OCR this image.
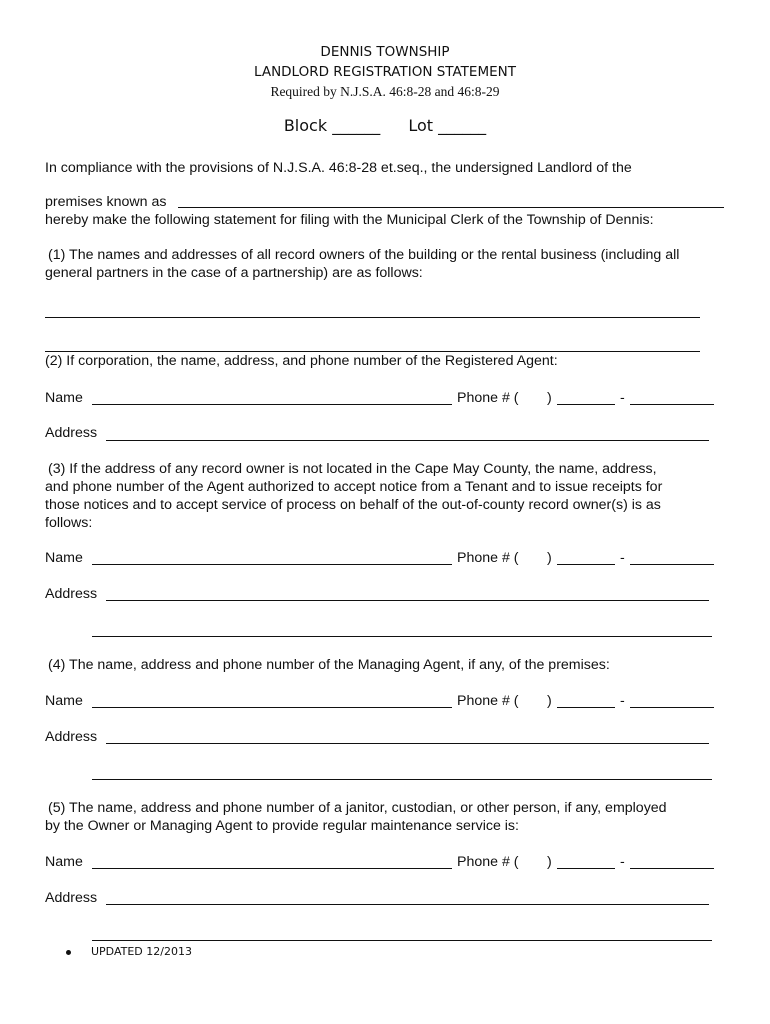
DENNIS TOWNSHIP
LANDLORD REGISTRATION STATEMENT
Required by N.J.S.A. 46:8-28 and 46:8-29
Block ______ Lot ______
In compliance with the provisions of N.J.S.A. 46:8-28 et.seq., the undersigned Landlord of the
premises known as
hereby make the following statement for filing with the Municipal Clerk of the Township of Dennis:
(1) The names and addresses of all record owners of the building or the rental business (including all
general partners in the case of a partnership) are as follows:
(2) If corporation, the name, address, and phone number of the Registered Agent:
Name	Phone # ( )	-
Address
(3) If the address of any record owner is not located in the Cape May County, the name, address,
and phone number of the Agent authorized to accept notice from a Tenant and to issue receipts for
those notices and to accept service of process on behalf of the out-of-county record owner(s) is as
follows:
Name	Phone # ( )	-
Address
(4) The name, address and phone number of the Managing Agent, if any, of the premises:
Name	Phone # ( )	-
Address
(5) The name, address and phone number of a janitor, custodian, or other person, if any, employed
by the Owner or Managing Agent to provide regular maintenance service is:
Name	Phone # ( )	-
Address
UPDATED 12/2013
